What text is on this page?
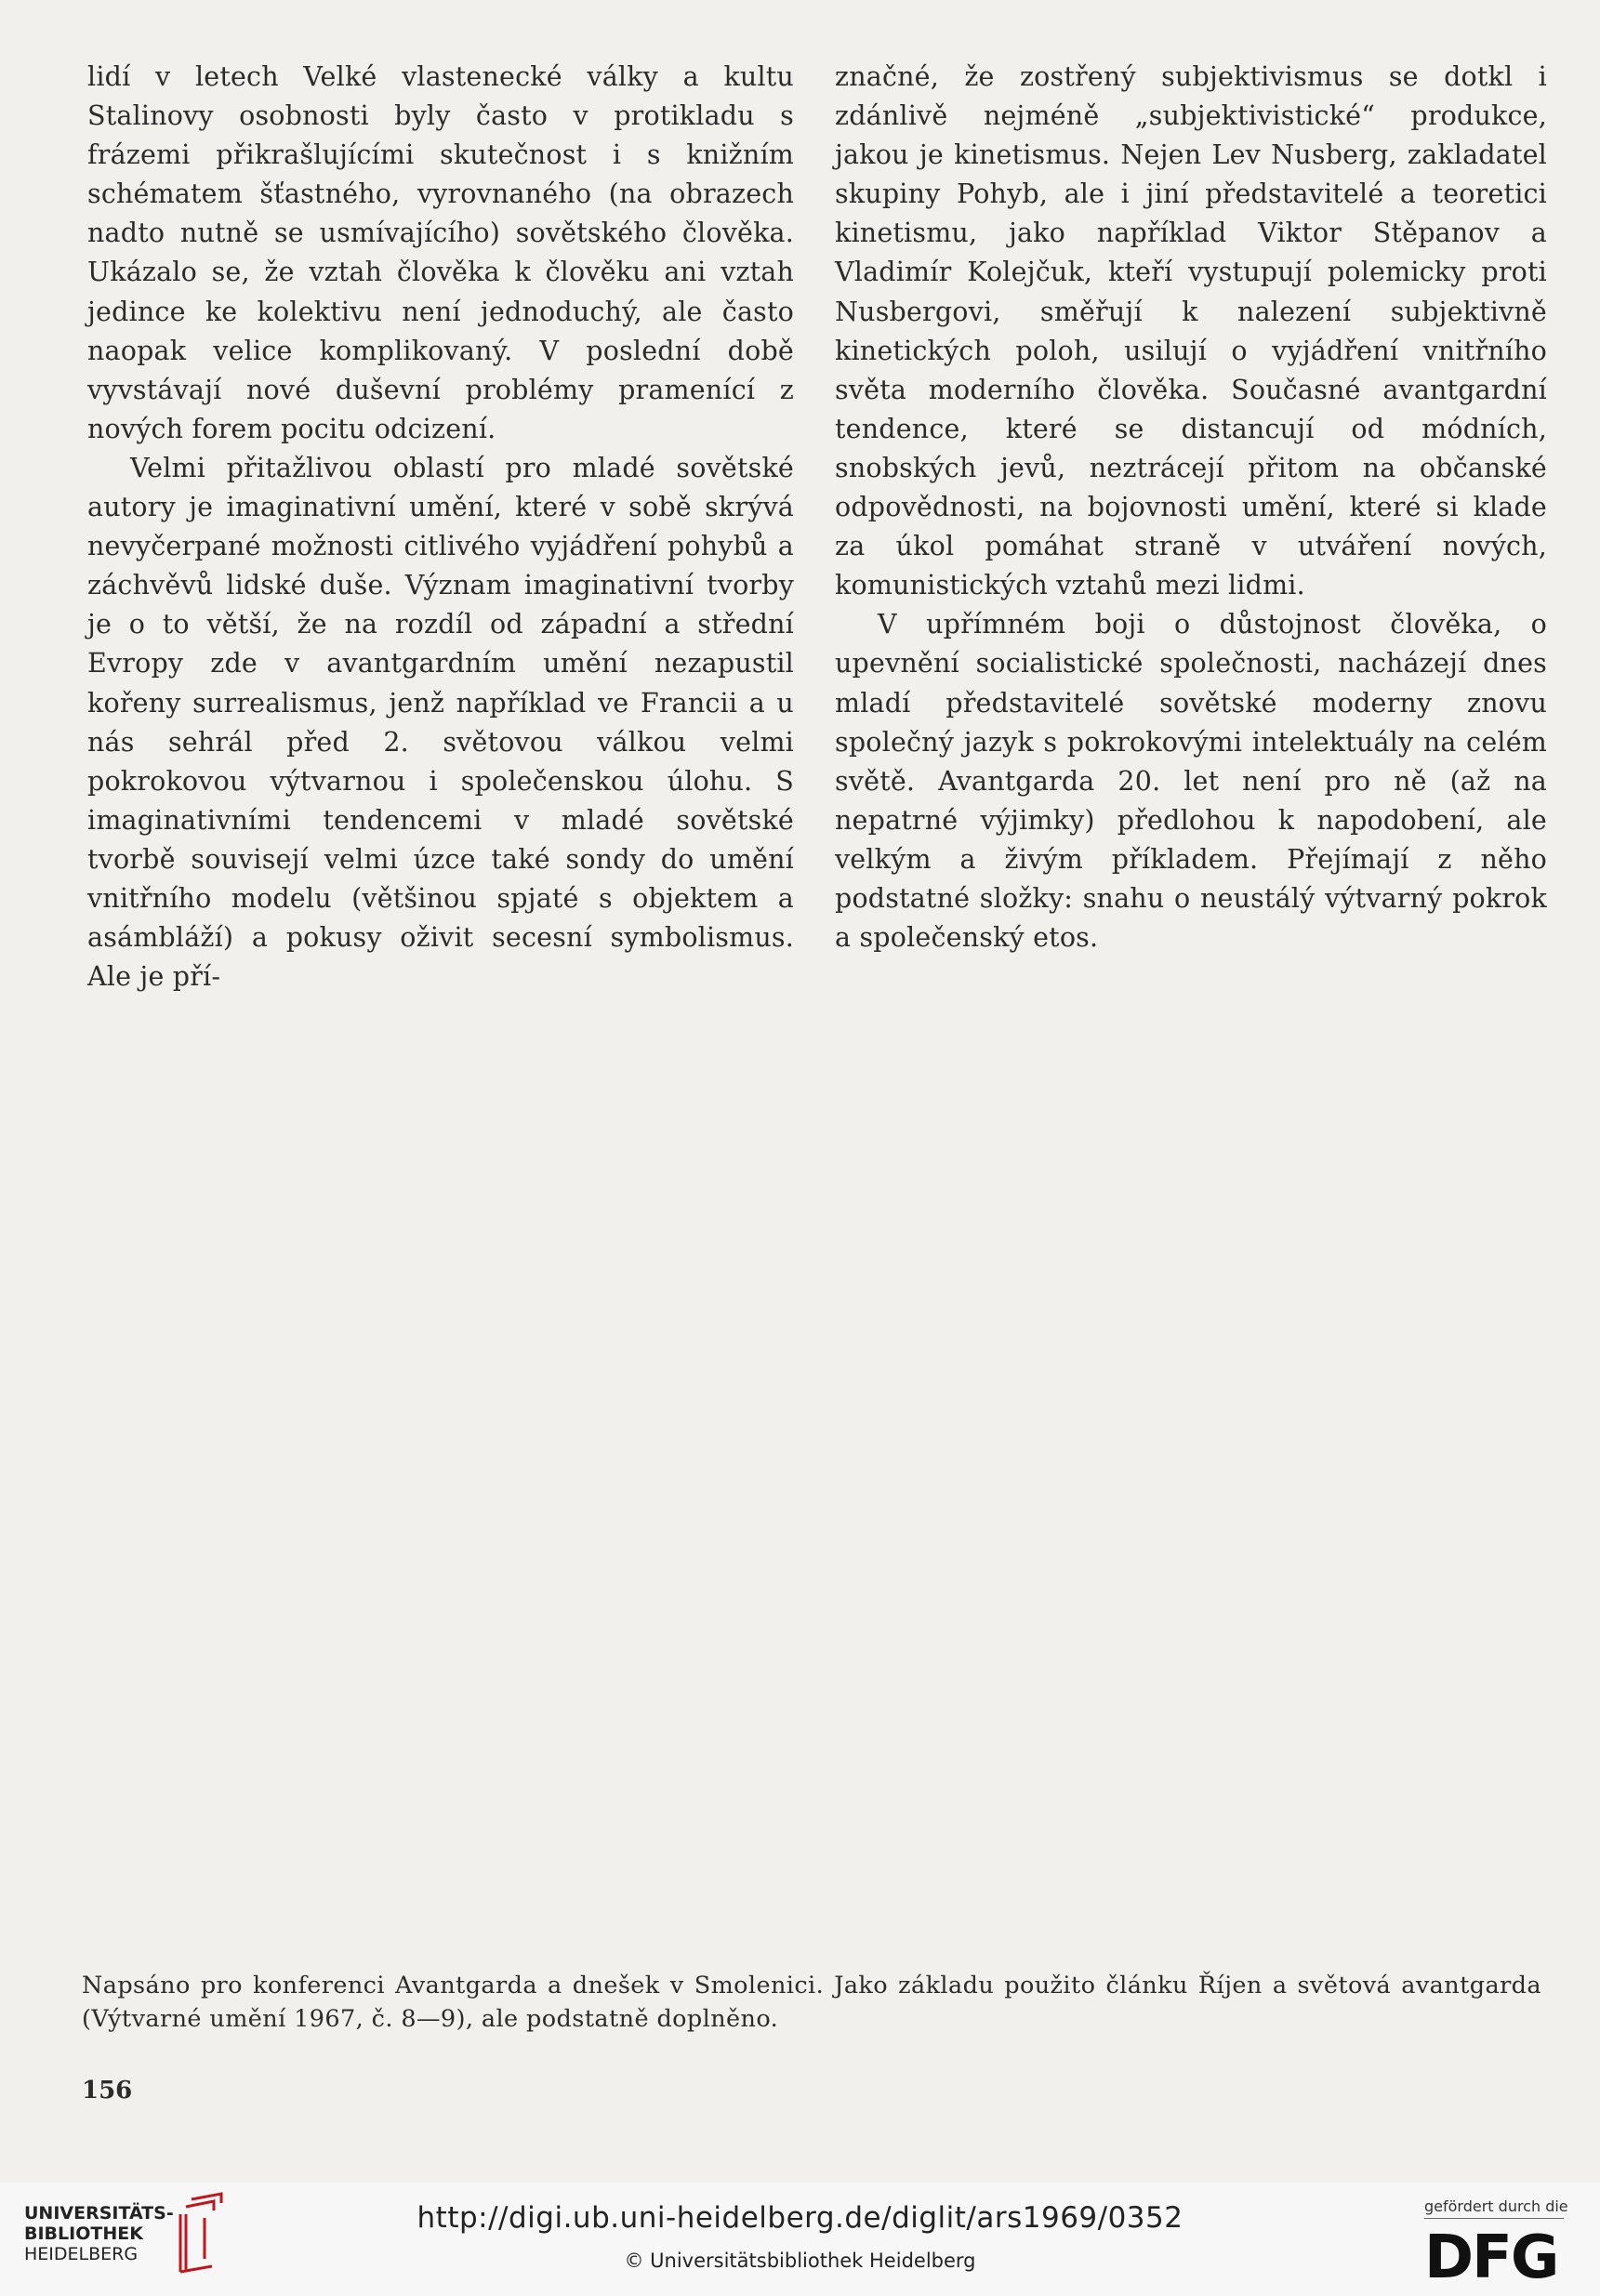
lidí v letech Velké vlastenecké války a kultu Stalinovy osobnosti byly často v protikladu s frázemi přikrašlujícími skutečnost i s knižním schématem šťastného, vyrovnaného (na obrazech nadto nutně se usmívajícího) sovětského člověka. Ukázalo se, že vztah člověka k člověku ani vztah jedince ke kolektivu není jednoduchý, ale často naopak velice komplikovaný. V poslední době vyvstávají nové duševní problémy pramenící z nových forem pocitu odcizení.

Velmi přitažlivou oblastí pro mladé sovětské autory je imaginativní umění, které v sobě skrývá nevyčerpané možnosti citlivého vyjádření pohybů a záchvěvů lidské duše. Význam imaginativní tvorby je o to větší, že na rozdíl od západní a střední Evropy zde v avantgardním umění nezapustil kořeny surrealismus, jenž například ve Francii a u nás sehrál před 2. světovou válkou velmi pokrokovou výtvarnou i společenskou úlohu. S imaginativními tendencemi v mladé sovětské tvorbě souvisejí velmi úzce také sondy do umění vnitřního modelu (většinou spjaté s objektem a asámbláží) a pokusy oživit secesní symbolismus. Ale je pří-

značné, že zostřený subjektivismus se dotkl i zdánlivě nejméně „subjektivistické“ produkce, jakou je kinetismus. Nejen Lev Nusberg, zakladatel skupiny Pohyb, ale i jiní představitelé a teoretici kinetismu, jako například Viktor Stěpanov a Vladimír Kolejčuk, kteří vystupují polemicky proti Nusbergovi, směřují k nalezení subjektivně kinetických poloh, usilují o vyjádření vnitřního světa moderního člověka. Současné avantgardní tendence, které se distancují od módních, snobských jevů, neztrácejí přitom na občanské odpovědnosti, na bojovnosti umění, které si klade za úkol pomáhat straně v utváření nových, komunistických vztahů mezi lidmi.

V upřímném boji o důstojnost člověka, o upevnění socialistické společnosti, nacházejí dnes mladí představitelé sovětské moderny znovu společný jazyk s pokrokovými intelektuály na celém světě. Avantgarda 20. let není pro ně (až na nepatrné výjimky) předlohou k napodobení, ale velkým a živým příkladem. Přejímají z něho podstatné složky: snahu o neustálý výtvarný pokrok a společenský etos.

Napsáno pro konferenci Avantgarda a dnešek v Smolenici. Jako základu použito článku Říjen a světová avantgarda (Výtvarné umění 1967, č. 8—9), ale podstatně doplněno.
156
UNIVERSITÄTS-
BIBLIOTHEK
HEIDELBERG
http://digi.ub.uni-heidelberg.de/diglit/ars1969/0352
© Universitätsbibliothek Heidelberg
gefördert durch die
DFG
